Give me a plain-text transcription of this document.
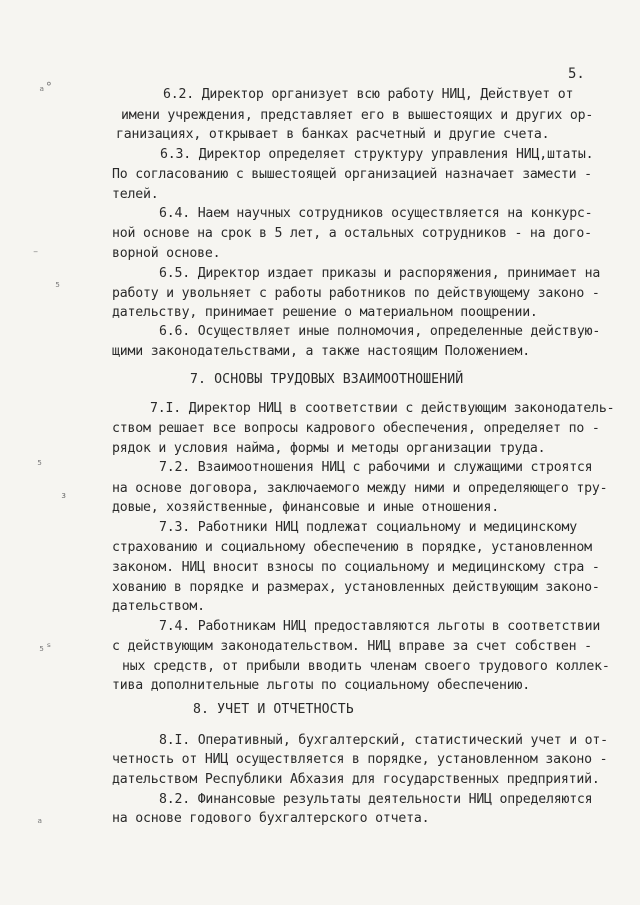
5.
6.2. Директор организует всю работу НИЦ, Действует от
имени учреждения, представляет его в вышестоящих и других ор-
ганизациях, открывает в банках расчетный и другие счета.
6.3. Директор определяет структуру управления НИЦ,штаты.
По согласованию с вышестоящей организацией назначает замести -
телей.
6.4. Наем научных сотрудников осуществляется на конкурс-
ной основе на срок в 5 лет, а остальных сотрудников - на дого-
ворной основе.
6.5. Директор издает приказы и распоряжения, принимает на
работу и увольняет с работы работников по действующему законо -
дательству, принимает решение о материальном поощрении.
6.6. Осуществляет иные полномочия, определенные действую-
щими законодательствами, а также настоящим Положением.
7. ОСНОВЫ ТРУДОВЫХ ВЗАИМООТНОШЕНИЙ
7.I. Директор НИЦ в соответствии с действующим законодатель-
ством решает все вопросы кадрового обеспечения, определяет по -
рядок и условия найма, формы и методы организации труда.
7.2. Взаимоотношения НИЦ с рабочими и служащими строятся
на основе договора, заключаемого между ними и определяющего тру-
довые, хозяйственные, финансовые и иные отношения.
7.3. Работники НИЦ подлежат социальному и медицинскому
страхованию и социальному обеспечению в порядке, установленном
законом. НИЦ вносит взносы по социальному и медицинскому стра -
хованию в порядке и размерах, установленных действующим законо-
дательством.
7.4. Работникам НИЦ предоставляются льготы в соответствии
с действующим законодательством. НИЦ вправе за счет собствен -
ных средств, от прибыли вводить членам своего трудового коллек-
тива дополнительные льготы по социальному обеспечению.
8. УЧЕТ И ОТЧЕТНОСТЬ
8.I. Оперативный, бухгалтерский, статистический учет и от-
четность от НИЦ осуществляется в порядке, установленном законо -
дательством Республики Абхазия для государственных предприятий.
8.2. Финансовые результаты деятельности НИЦ определяются
на основе годового бухгалтерского отчета.
ₐ°
₋
₅
₅
₃
₅ˢ
ₐ
